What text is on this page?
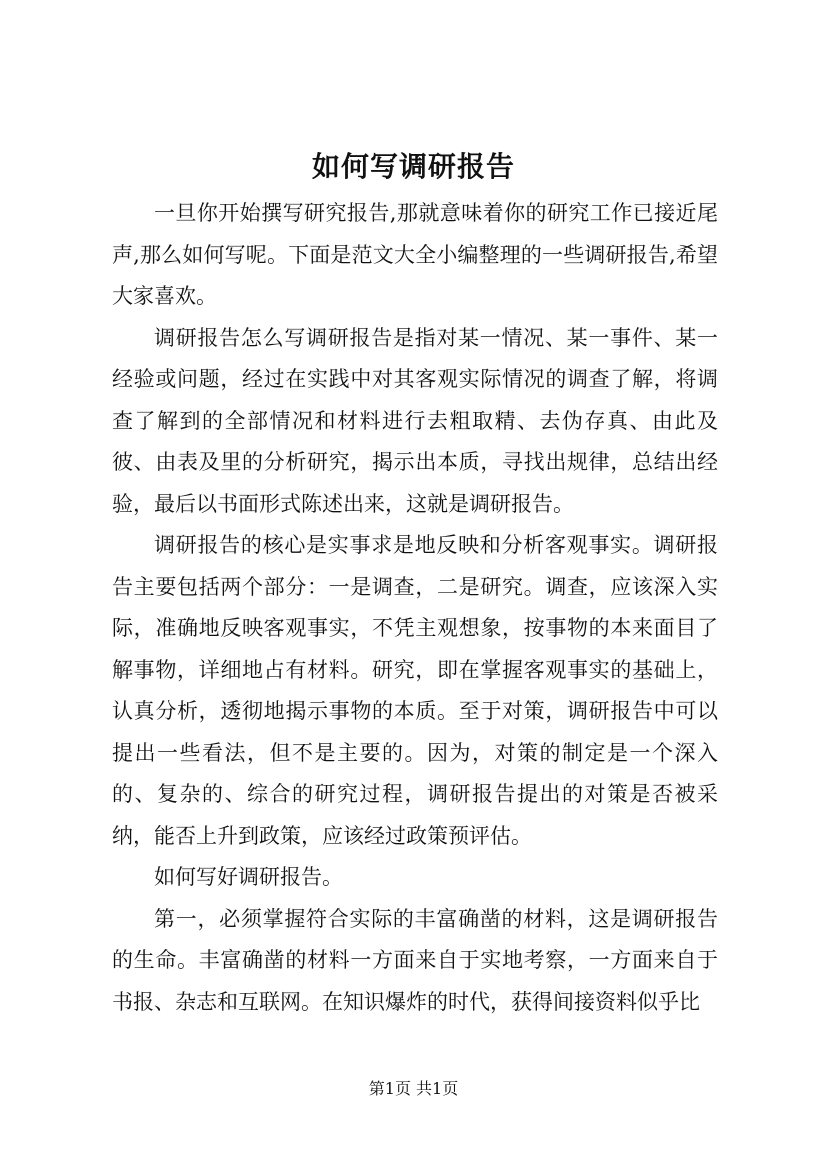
如何写调研报告

一旦你开始撰写研究报告,那就意味着你的研究工作已接近尾声,那么如何写呢。下面是范文大全小编整理的一些调研报告,希望大家喜欢。

调研报告怎么写调研报告是指对某一情况、某一事件、某一经验或问题，经过在实践中对其客观实际情况的调查了解，将调查了解到的全部情况和材料进行去粗取精、去伪存真、由此及彼、由表及里的分析研究，揭示出本质，寻找出规律，总结出经验，最后以书面形式陈述出来，这就是调研报告。

调研报告的核心是实事求是地反映和分析客观事实。调研报告主要包括两个部分：一是调查，二是研究。调查，应该深入实际，准确地反映客观事实，不凭主观想象，按事物的本来面目了解事物，详细地占有材料。研究，即在掌握客观事实的基础上，认真分析，透彻地揭示事物的本质。至于对策，调研报告中可以提出一些看法，但不是主要的。因为，对策的制定是一个深入的、复杂的、综合的研究过程，调研报告提出的对策是否被采纳，能否上升到政策，应该经过政策预评估。

如何写好调研报告。

第一，必须掌握符合实际的丰富确凿的材料，这是调研报告的生命。丰富确凿的材料一方面来自于实地考察，一方面来自于书报、杂志和互联网。在知识爆炸的时代，获得间接资料似乎比

第1页 共1页
